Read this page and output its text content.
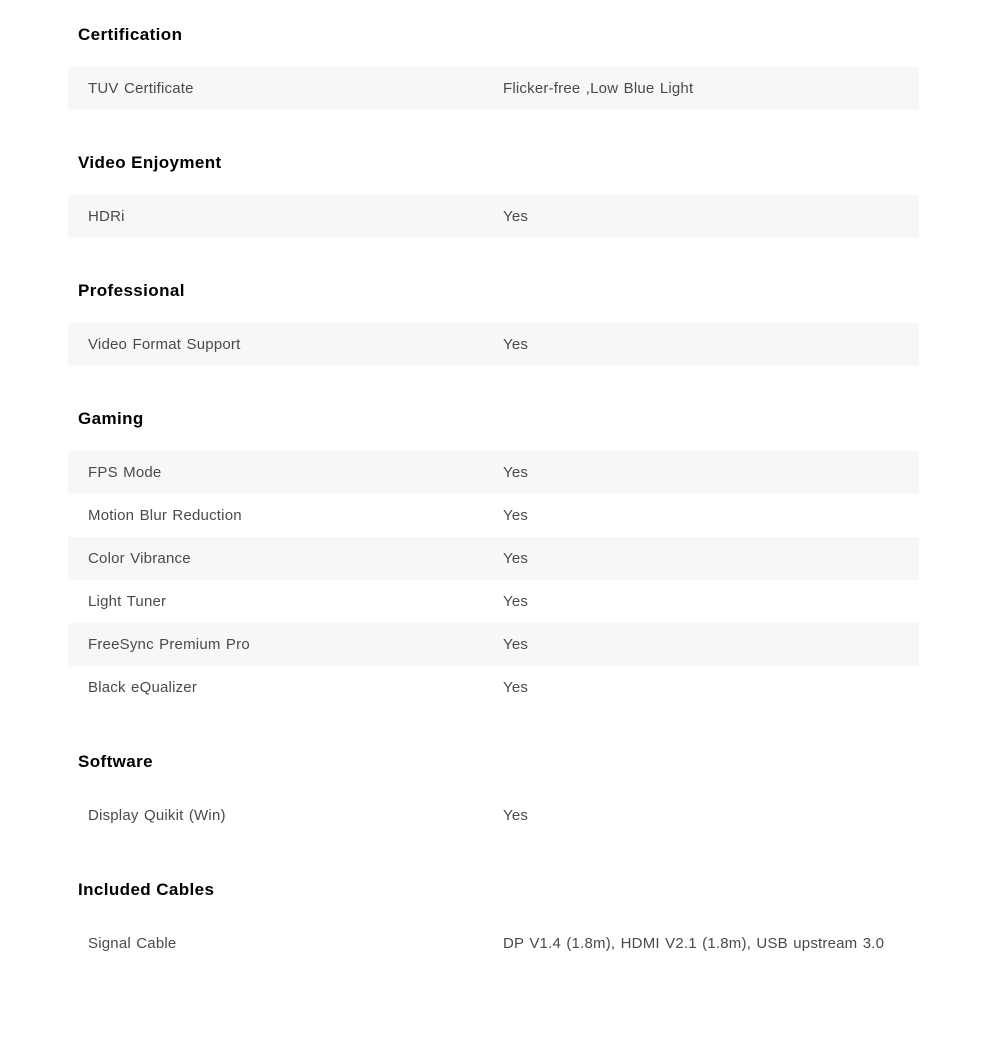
Certification
TUV Certificate	Flicker-free ,Low Blue Light
Video Enjoyment
HDRi	Yes
Professional
Video Format Support	Yes
Gaming
FPS Mode	Yes
Motion Blur Reduction	Yes
Color Vibrance	Yes
Light Tuner	Yes
FreeSync Premium Pro	Yes
Black eQualizer	Yes
Software
Display Quikit (Win)	Yes
Included Cables
Signal Cable	DP V1.4 (1.8m), HDMI V2.1 (1.8m), USB upstream 3.0
